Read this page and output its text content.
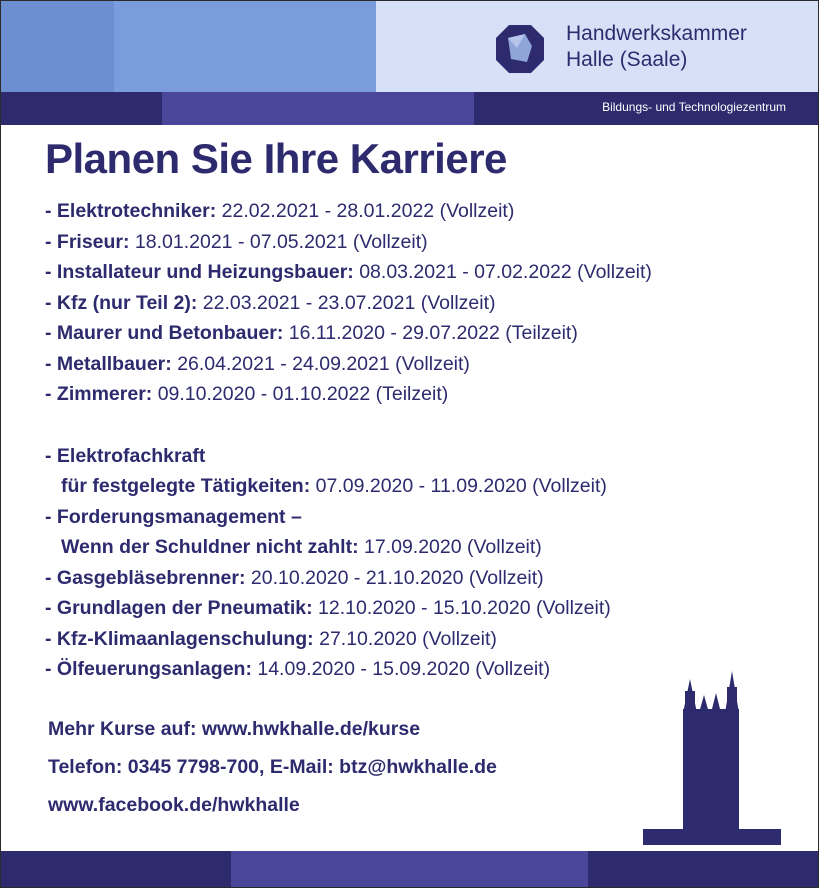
Handwerkskammer
Halle (Saale)
Bildungs- und Technologiezentrum
Planen Sie Ihre Karriere
- Elektrotechniker: 22.02.2021 - 28.01.2022 (Vollzeit)
- Friseur: 18.01.2021 - 07.05.2021 (Vollzeit)
- Installateur und Heizungsbauer: 08.03.2021 - 07.02.2022 (Vollzeit)
- Kfz (nur Teil 2): 22.03.2021 - 23.07.2021 (Vollzeit)
- Maurer und Betonbauer: 16.11.2020 - 29.07.2022 (Teilzeit)
- Metallbauer: 26.04.2021 - 24.09.2021 (Vollzeit)
- Zimmerer: 09.10.2020 - 01.10.2022 (Teilzeit)
- Elektrofachkraft
für festgelegte Tätigkeiten: 07.09.2020 - 11.09.2020 (Vollzeit)
- Forderungsmanagement –
Wenn der Schuldner nicht zahlt: 17.09.2020 (Vollzeit)
- Gasgebläsebrenner: 20.10.2020 - 21.10.2020 (Vollzeit)
- Grundlagen der Pneumatik: 12.10.2020 - 15.10.2020 (Vollzeit)
- Kfz-Klimaanlagenschulung: 27.10.2020 (Vollzeit)
- Ölfeuerungsanlagen: 14.09.2020 - 15.09.2020 (Vollzeit)
Mehr Kurse auf: www.hwkhalle.de/kurse
Telefon: 0345 7798-700, E-Mail: btz@hwkhalle.de
www.facebook.de/hwkhalle
